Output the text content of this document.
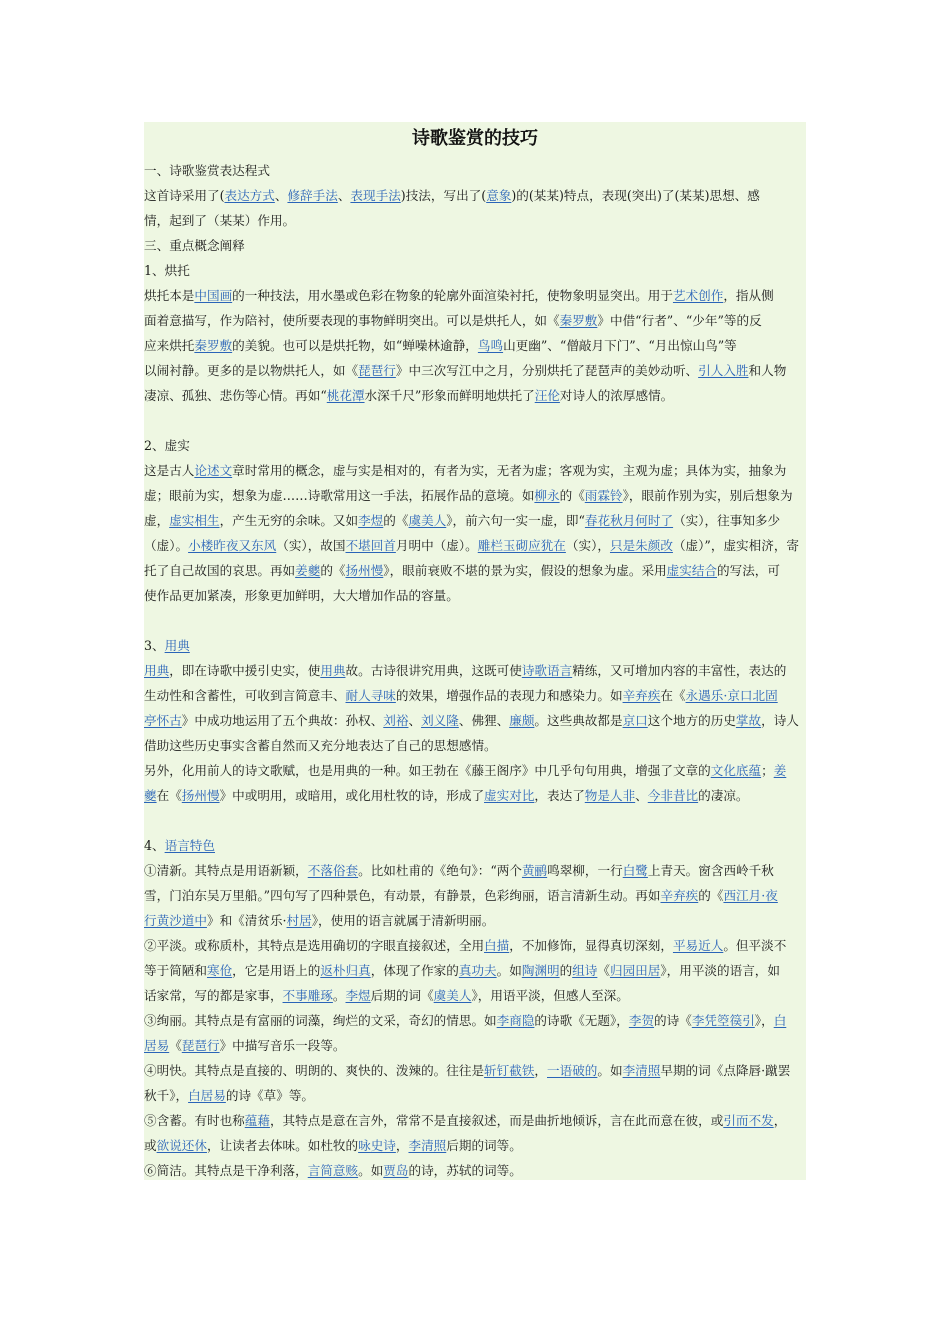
诗歌鉴赏的技巧
一、诗歌鉴赏表达程式
这首诗采用了(表达方式、修辞手法、表现手法)技法，写出了(意象)的(某某)特点，表现(突出)了(某某)思想、感
情，起到了（某某）作用。
三、重点概念阐释
1、烘托
烘托本是中国画的一种技法，用水墨或色彩在物象的轮廓外面渲染衬托，使物象明显突出。用于艺术创作，指从侧
面着意描写，作为陪衬，使所要表现的事物鲜明突出。可以是烘托人，如《秦罗敷》中借“行者”、“少年”等的反
应来烘托秦罗敷的美貌。也可以是烘托物，如“蝉噪林逾静，鸟鸣山更幽”、“僧敲月下门”、“月出惊山鸟”等
以闹衬静。更多的是以物烘托人，如《琵琶行》中三次写江中之月，分别烘托了琵琶声的美妙动听、引人入胜和人物
凄凉、孤独、悲伤等心情。再如“桃花潭水深千尺”形象而鲜明地烘托了汪伦对诗人的浓厚感情。
2、虚实
这是古人论述文章时常用的概念，虚与实是相对的，有者为实，无者为虚；客观为实，主观为虚；具体为实，抽象为
虚；眼前为实，想象为虚……诗歌常用这一手法，拓展作品的意境。如柳永的《雨霖铃》，眼前作别为实，别后想象为
虚，虚实相生，产生无穷的余味。又如李煜的《虞美人》，前六句一实一虚，即“春花秋月何时了（实），往事知多少
（虚）。小楼昨夜又东风（实），故国不堪回首月明中（虚）。雕栏玉砌应犹在（实），只是朱颜改（虚）”，虚实相济，寄
托了自己故国的哀思。再如姜夔的《扬州慢》，眼前衰败不堪的景为实，假设的想象为虚。采用虚实结合的写法，可
使作品更加紧凑，形象更加鲜明，大大增加作品的容量。
3、用典
用典，即在诗歌中援引史实，使用典故。古诗很讲究用典，这既可使诗歌语言精练，又可增加内容的丰富性，表达的
生动性和含蓄性，可收到言简意丰、耐人寻味的效果，增强作品的表现力和感染力。如辛弃疾在《永遇乐·京口北固
亭怀古》中成功地运用了五个典故：孙权、刘裕、刘义隆、佛狸、廉颇。这些典故都是京口这个地方的历史掌故，诗人
借助这些历史事实含蓄自然而又充分地表达了自己的思想感情。
另外，化用前人的诗文歌赋，也是用典的一种。如王勃在《藤王阁序》中几乎句句用典，增强了文章的文化底蕴；姜
夔在《扬州慢》中或明用，或暗用，或化用杜牧的诗，形成了虚实对比，表达了物是人非、今非昔比的凄凉。
4、语言特色
①清新。其特点是用语新颖，不落俗套。比如杜甫的《绝句》：“两个黄鹂鸣翠柳，一行白鹭上青天。窗含西岭千秋
雪，门泊东吴万里船。”四句写了四种景色，有动景，有静景，色彩绚丽，语言清新生动。再如辛弃疾的《西江月·夜
行黄沙道中》和《清贫乐·村居》，使用的语言就属于清新明丽。
②平淡。或称质朴，其特点是选用确切的字眼直接叙述，全用白描，不加修饰，显得真切深刻，平易近人。但平淡不
等于简陋和寒伧，它是用语上的返朴归真，体现了作家的真功夫。如陶渊明的组诗《归园田居》，用平淡的语言，如
话家常，写的都是家事，不事雕琢。李煜后期的词《虞美人》，用语平淡，但感人至深。
③绚丽。其特点是有富丽的词藻，绚烂的文采，奇幻的情思。如李商隐的诗歌《无题》，李贺的诗《李凭箜篌引》，白
居易《琵琶行》中描写音乐一段等。
④明快。其特点是直接的、明朗的、爽快的、泼辣的。往往是斩钉截铁，一语破的。如李清照早期的词《点降唇·蹴罢
秋千》，白居易的诗《草》等。
⑤含蓄。有时也称蕴藉，其特点是意在言外，常常不是直接叙述，而是曲折地倾诉，言在此而意在彼，或引而不发，
或欲说还休，让读者去体味。如杜牧的咏史诗，李清照后期的词等。
⑥简洁。其特点是干净利落，言简意赅。如贾岛的诗，苏轼的词等。
